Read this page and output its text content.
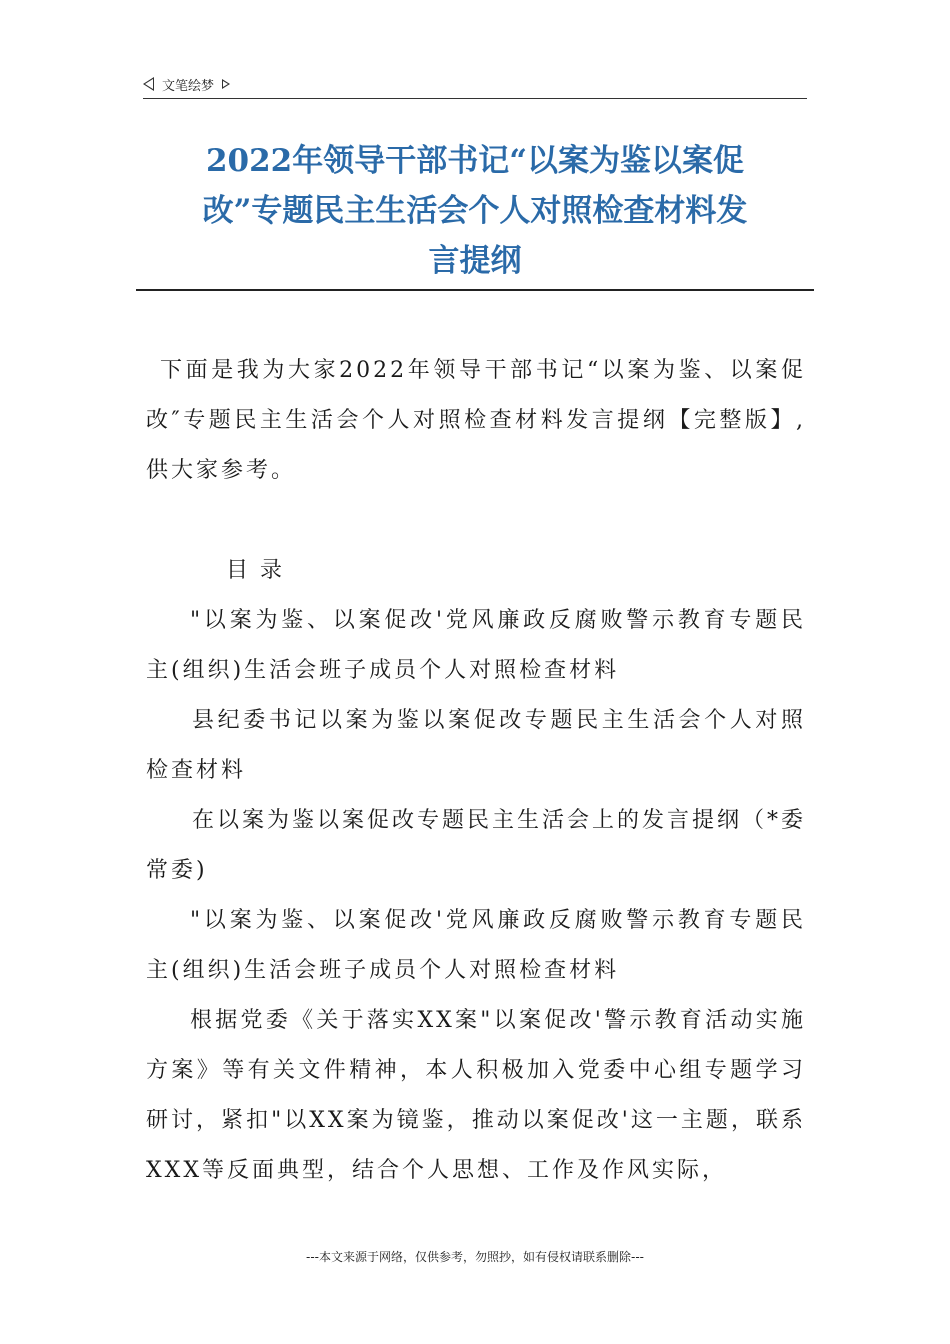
文笔绘梦
2022年领导干部书记“以案为鉴以案促
改”专题民主生活会个人对照检查材料发
言提纲

下面是我为大家2022年领导干部书记“以案为鉴、以案促改″专题民主生活会个人对照检查材料发言提纲【完整版】,供大家参考。

目录

"以案为鉴、以案促改'党风廉政反腐败警示教育专题民主(组织)生活会班子成员个人对照检查材料

县纪委书记以案为鉴以案促改专题民主生活会个人对照检查材料

在以案为鉴以案促改专题民主生活会上的发言提纲（*委常委)

"以案为鉴、以案促改'党风廉政反腐败警示教育专题民主(组织)生活会班子成员个人对照检查材料

根据党委《关于落实XX案"以案促改'警示教育活动实施方案》等有关文件精神，本人积极加入党委中心组专题学习研讨，紧扣"以XX案为镜鉴，推动以案促改'这一主题，联系XXX等反面典型，结合个人思想、工作及作风实际，

---本文来源于网络，仅供参考，勿照抄，如有侵权请联系删除---
